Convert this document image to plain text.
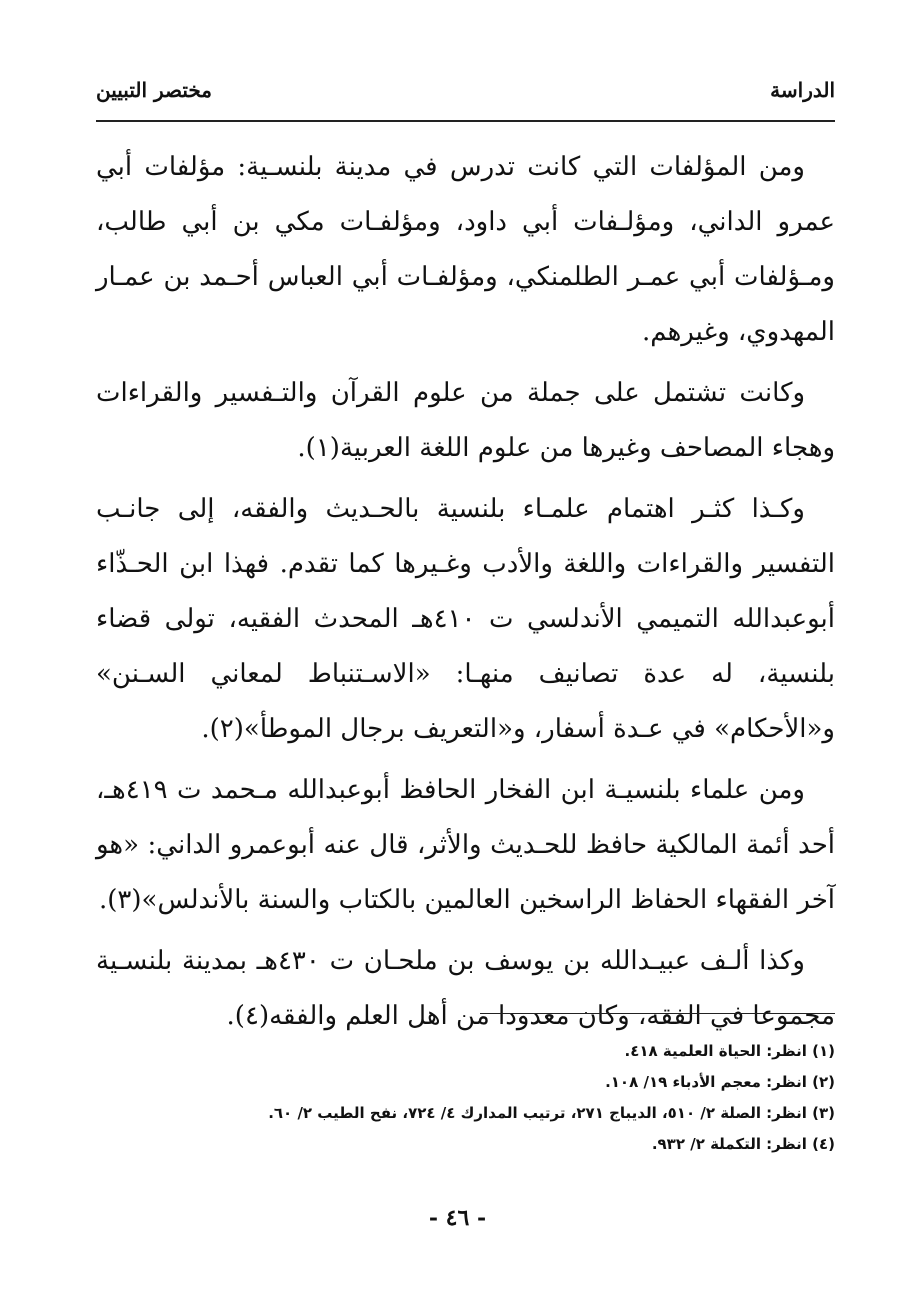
الدراسة
مختصر التبيين

ومن المؤلفات التي كانت تدرس في مدينة بلنسـية: مؤلفات أبي عمرو الداني، ومؤلـفات أبي داود، ومؤلفـات مكي بن أبي طالب، ومـؤلفات أبي عمـر الطلمنكي، ومؤلفـات أبي العباس أحـمد بن عمـار المهدوي، وغيرهم.

وكانت تشتمل على جملة من علوم القرآن والتـفسير والقراءات وهجاء المصاحف وغيرها من علوم اللغة العربية(١).

وكـذا كثـر اهتمام علمـاء بلنسية بالحـديث والفقه، إلى جانـب التفسير والقراءات واللغة والأدب وغـيرها كما تقدم. فهذا ابن الحـذّاء أبوعبدالله التميمي الأندلسي ت ٤١٠هـ المحدث الفقيه، تولى قضاء بلنسية، له عدة تصانيف منهـا: «الاسـتنباط لمعاني السـنن» و«الأحكام» في عـدة أسفار، و«التعريف برجال الموطأ»(٢).

ومن علماء بلنسيـة ابن الفخار الحافظ أبوعبدالله مـحمد ت ٤١٩هـ، أحد أئمة المالكية حافظ للحـديث والأثر، قال عنه أبوعمرو الداني: «هو آخر الفقهاء الحفاظ الراسخين العالمين بالكتاب والسنة بالأندلس»(٣).

وكذا ألـف عبيـدالله بن يوسف بن ملحـان ت ٤٣٠هـ بمدينة بلنسـية مجموعا في الفقه، وكان معدودا من أهل العلم والفقه(٤).

(١) انظر: الحياة العلمية ٤١٨.

(٢) انظر: معجم الأدباء ١٩/ ١٠٨.

(٣) انظر: الصلة ٢/ ٥١٠، الديباج ٢٧١، ترتيب المدارك ٤/ ٧٢٤، نفح الطيب ٢/ ٦٠.

(٤) انظر: التكملة ٢/ ٩٣٢.

- ٤٦ -
